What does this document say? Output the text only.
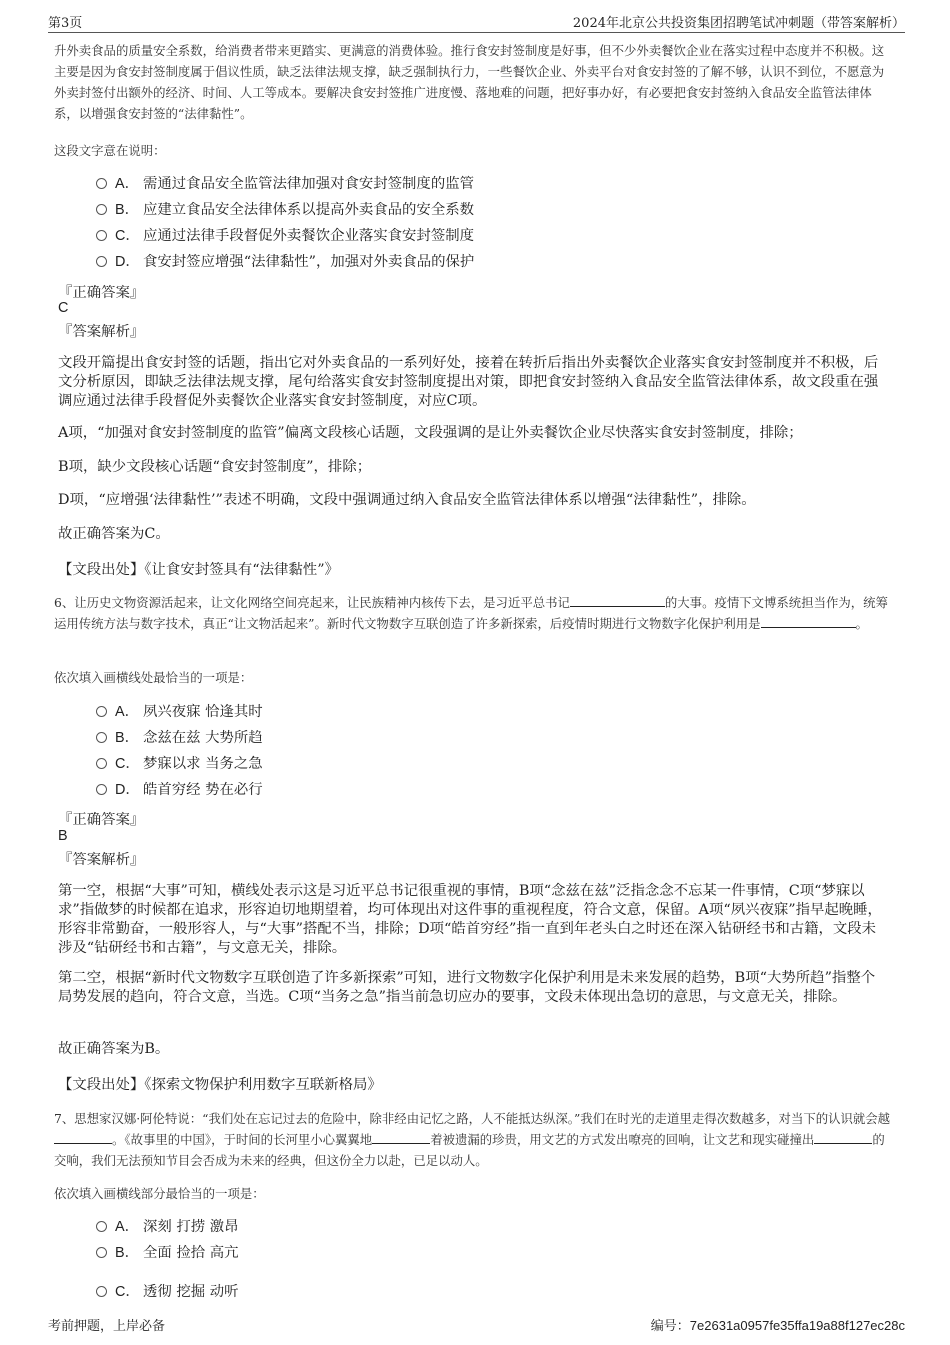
第3页	2024年北京公共投资集团招聘笔试冲刺题（带答案解析）
升外卖食品的质量安全系数，给消费者带来更踏实、更满意的消费体验。推行食安封签制度是好事，但不少外卖餐饮企业在落实过程中态度并不积极。这主要是因为食安封签制度属于倡议性质，缺乏法律法规支撑，缺乏强制执行力，一些餐饮企业、外卖平台对食安封签的了解不够，认识不到位，不愿意为外卖封签付出额外的经济、时间、人工等成本。要解决食安封签推广进度慢、落地难的问题，把好事办好，有必要把食安封签纳入食品安全监管法律体系，以增强食安封签的“法律黏性”。
这段文字意在说明：
A． 需通过食品安全监管法律加强对食安封签制度的监管
B． 应建立食品安全法律体系以提高外卖食品的安全系数
C． 应通过法律手段督促外卖餐饮企业落实食安封签制度
D． 食安封签应增强“法律黏性”，加强对外卖食品的保护
『正确答案』
C
『答案解析』
文段开篇提出食安封签的话题，指出它对外卖食品的一系列好处，接着在转折后指出外卖餐饮企业落实食安封签制度并不积极，后文分析原因，即缺乏法律法规支撑，尾句给落实食安封签制度提出对策，即把食安封签纳入食品安全监管法律体系，故文段重在强调应通过法律手段督促外卖餐饮企业落实食安封签制度，对应C项。
A项，“加强对食安封签制度的监管”偏离文段核心话题，文段强调的是让外卖餐饮企业尽快落实食安封签制度，排除；
B项，缺少文段核心话题“食安封签制度”，排除；
D项，“应增强‘法律黏性’”表述不明确，文段中强调通过纳入食品安全监管法律体系以增强“法律黏性”，排除。
故正确答案为C。
【文段出处】《让食安封签具有“法律黏性”》
6、让历史文物资源活起来，让文化网络空间亮起来，让民族精神内核传下去，是习近平总书记	的大事。疫情下文博系统担当作为，统筹运用传统方法与数字技术，真正“让文物活起来”。新时代文物数字互联创造了许多新探索，后疫情时期进行文物数字化保护利用是	。
依次填入画横线处最恰当的一项是：
A． 夙兴夜寐 恰逢其时
B． 念兹在兹 大势所趋
C． 梦寐以求 当务之急
D． 皓首穷经 势在必行
『正确答案』
B
『答案解析』
第一空，根据“大事”可知，横线处表示这是习近平总书记很重视的事情，B项“念兹在兹”泛指念念不忘某一件事情，C项“梦寐以求”指做梦的时候都在追求，形容迫切地期望着，均可体现出对这件事的重视程度，符合文意，保留。A项“夙兴夜寐”指早起晚睡，形容非常勤奋，一般形容人，与“大事”搭配不当，排除；D项“皓首穷经”指一直到年老头白之时还在深入钻研经书和古籍，文段未涉及“钻研经书和古籍”，与文意无关，排除。
第二空，根据“新时代文物数字互联创造了许多新探索”可知，进行文物数字化保护利用是未来发展的趋势，B项“大势所趋”指整个局势发展的趋向，符合文意，当选。C项“当务之急”指当前急切应办的要事，文段未体现出急切的意思，与文意无关，排除。
故正确答案为B。
【文段出处】《探索文物保护利用数字互联新格局》
7、思想家汉娜·阿伦特说：“我们处在忘记过去的危险中，除非经由记忆之路，人不能抵达纵深。”我们在时光的走道里走得次数越多，对当下的认识就会越。《故事里的中国》，于时间的长河里小心翼翼地	着被遗漏的珍贵，用文艺的方式发出嘹亮的回响，让文艺和现实碰撞出	的交响，我们无法预知节目会否成为未来的经典，但这份全力以赴，已足以动人。
依次填入画横线部分最恰当的一项是：
A． 深刻 打捞 激昂
B． 全面 捡拾 高亢
C． 透彻 挖掘 动听
考前押题，上岸必备	编号：7e2631a0957fe35ffa19a88f127ec28c
